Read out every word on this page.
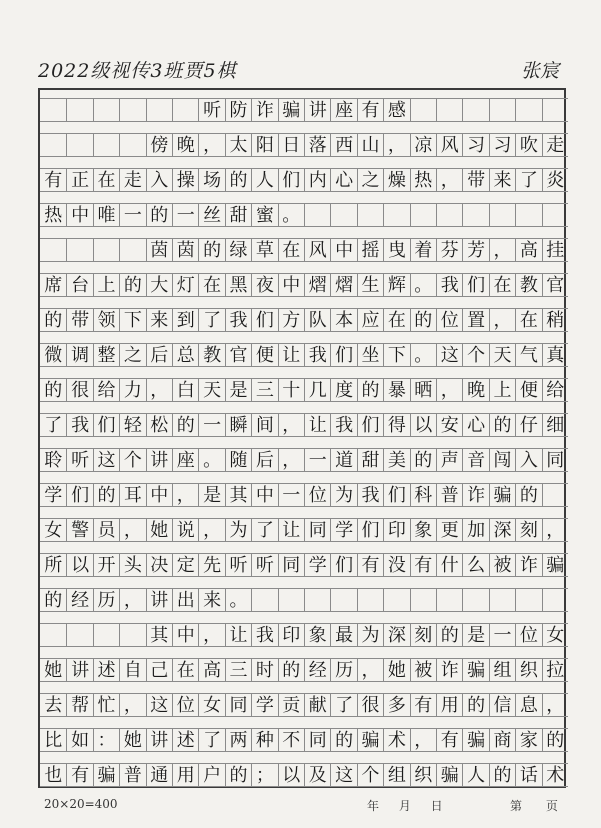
2022级视传3班贾5棋	张宸
听 防 诈 骗 讲 座 有 感
傍 晚 ， 太 阳 日 落 西 山 ， 凉 风 习 习 吹 走
有 正 在 走 入 操 场 的 人 们 内 心 之 燥 热 ， 带 来 了 炎
热 中 唯 一 的 一 丝 甜 蜜 。
茵 茵 的 绿 草 在 风 中 摇 曳 着 芬 芳 ， 高 挂
席 台 上 的 大 灯 在 黑 夜 中 熠 熠 生 辉 。 我 们 在 教 官
的 带 领 下 来 到 了 我 们 方 队 本 应 在 的 位 置 ， 在 稍
微 调 整 之 后 总 教 官 便 让 我 们 坐 下 。 这 个 天 气 真
的 很 给 力 ， 白 天 是 三 十 几 度 的 暴 晒 ， 晚 上 便 给
了 我 们 轻 松 的 一 瞬 间 ， 让 我 们 得 以 安 心 的 仔 细
聆 听 这 个 讲 座 。 随 后 ， 一 道 甜 美 的 声 音 闯 入 同
学 们 的 耳 中 ， 是 其 中 一 位 为 我 们 科 普 诈 骗 的
女 警 员 ， 她 说 ， 为 了 让 同 学 们 印 象 更 加 深 刻 ，
所 以 开 头 决 定 先 听 听 同 学 们 有 没 有 什 么 被 诈 骗
的 经 历 ， 讲 出 来 。
其 中 ， 让 我 印 象 最 为 深 刻 的 是 一 位 女
她 讲 述 自 己 在 高 三 时 的 经 历 ， 她 被 诈 骗 组 织 拉
去 帮 忙 ， 这 位 女 同 学 贡 献 了 很 多 有 用 的 信 息 ，
比 如 ： 她 讲 述 了 两 种 不 同 的 骗 术 ， 有 骗 商 家 的
也 有 骗 普 通 用 户 的 ； 以 及 这 个 组 织 骗 人 的 话 术
20×20=400	年 月 日	第 页
